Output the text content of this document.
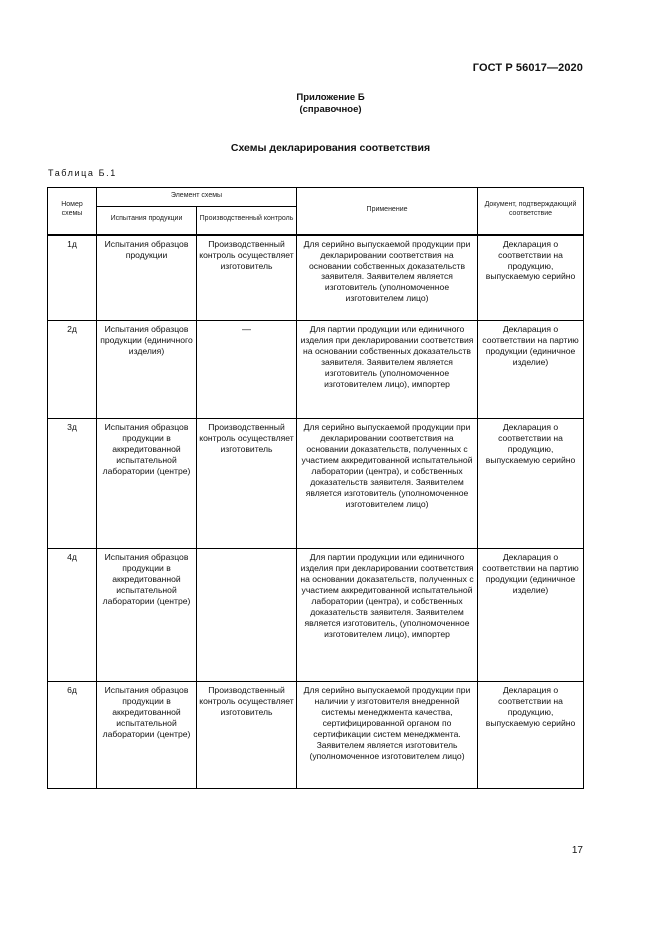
ГОСТ Р 56017—2020
Приложение Б
(справочное)
Схемы декларирования соответствия
Таблица Б.1
Номер схемы	Элемент схемы		Применение	Документ, подтверждающий соответствие
	Испытания продукции	Производственный контроль		
1д	Испытания образцов продукции	Производственный контроль осуществляет изготовитель	Для серийно выпускаемой продукции при декларировании соответствия на основании собственных доказательств заявителя. Заявителем является изготовитель (уполномоченное изготовителем лицо)	Декларация о соответствии на продукцию, выпускаемую серийно
2д	Испытания образцов продукции (единичного изделия)	—	Для партии продукции или единичного изделия при декларировании соответствия на основании собственных доказательств заявителя. Заявителем является изготовитель (уполномоченное изготовителем лицо), импортер	Декларация о соответствии на партию продукции (единичное изделие)
3д	Испытания образцов продукции в аккредитованной испытательной лаборатории (центре)	Производственный контроль осуществляет изготовитель	Для серийно выпускаемой продукции при декларировании соответствия на основании доказательств, полученных с участием аккредитованной испытательной лаборатории (центра), и собственных доказательств заявителя. Заявителем является изготовитель (уполномоченное изготовителем лицо)	Декларация о соответствии на продукцию, выпускаемую серийно
4д	Испытания образцов продукции в аккредитованной испытательной лаборатории (центре)		Для партии продукции или единичного изделия при декларировании соответствия на основании доказательств, полученных с участием аккредитованной испытательной лаборатории (центра), и собственных доказательств заявителя. Заявителем является изготовитель, (уполномоченное изготовителем лицо), импортер	Декларация о соответствии на партию продукции (единичное изделие)
6д	Испытания образцов продукции в аккредитованной испытательной лаборатории (центре)	Производственный контроль осуществляет изготовитель	Для серийно выпускаемой продукции при наличии у изготовителя внедренной системы менеджмента качества, сертифицированной органом по сертификации систем менеджмента. Заявителем является изготовитель (уполномоченное изготовителем лицо)	Декларация о соответствии на продукцию, выпускаемую серийно
17
